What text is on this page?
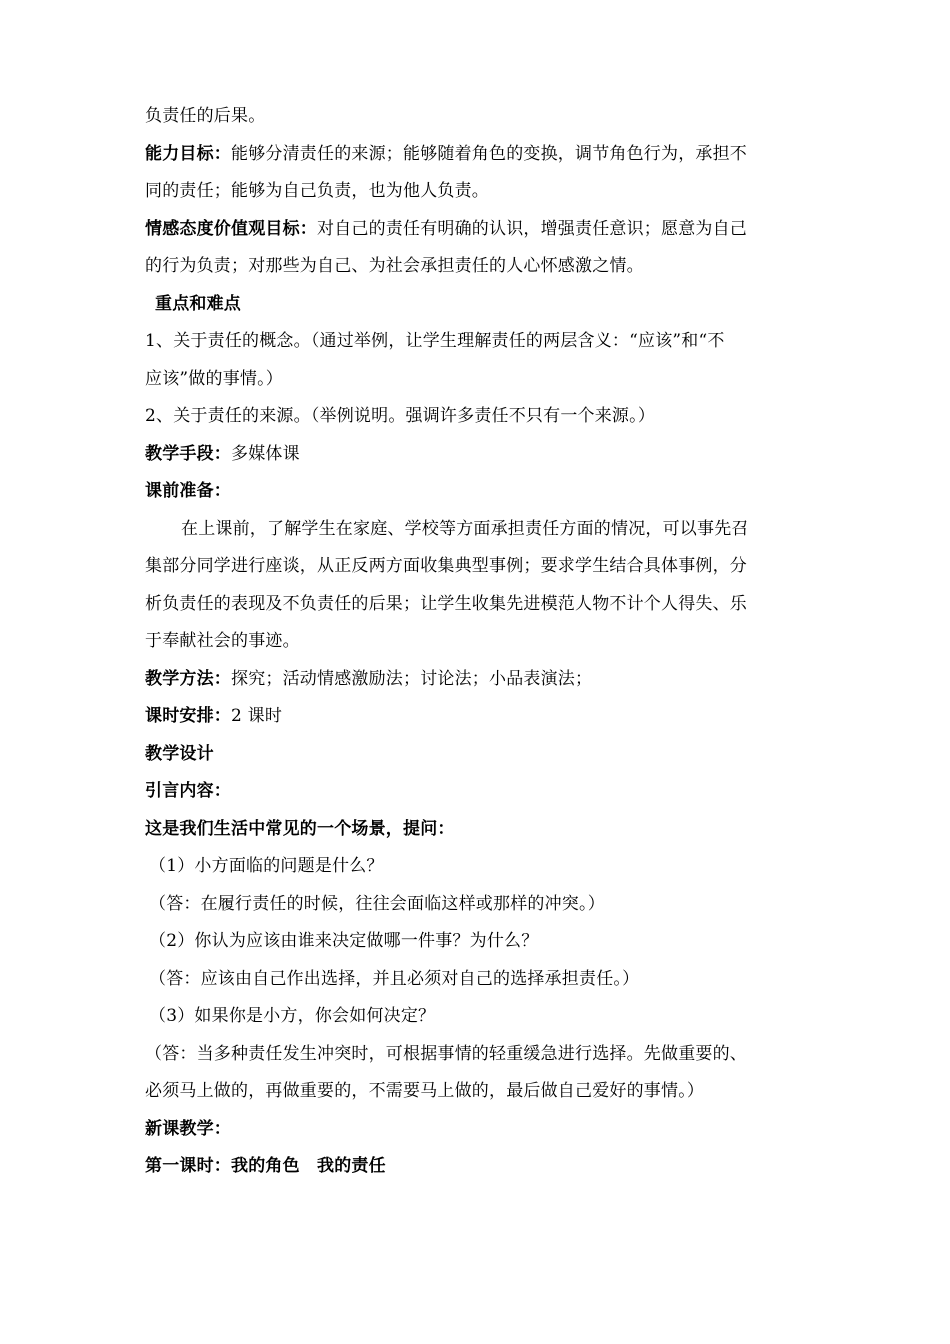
负责任的后果。
能力目标：能够分清责任的来源；能够随着角色的变换，调节角色行为，承担不
同的责任；能够为自己负责，也为他人负责。
情感态度价值观目标：对自己的责任有明确的认识，增强责任意识；愿意为自己
的行为负责；对那些为自己、为社会承担责任的人心怀感激之情。
重点和难点
1、关于责任的概念。（通过举例，让学生理解责任的两层含义：“应该”和“不
应该”做的事情。）
2、关于责任的来源。（举例说明。强调许多责任不只有一个来源。）
教学手段：多媒体课
课前准备：
在上课前，了解学生在家庭、学校等方面承担责任方面的情况，可以事先召
集部分同学进行座谈，从正反两方面收集典型事例；要求学生结合具体事例，分
析负责任的表现及不负责任的后果；让学生收集先进模范人物不计个人得失、乐
于奉献社会的事迹。
教学方法：探究；活动情感激励法；讨论法；小品表演法；
课时安排：2 课时
教学设计
引言内容：
这是我们生活中常见的一个场景，提问：
（1）小方面临的问题是什么？
（答：在履行责任的时候，往往会面临这样或那样的冲突。）
（2）你认为应该由谁来决定做哪一件事？为什么？
（答：应该由自己作出选择，并且必须对自己的选择承担责任。）
（3）如果你是小方，你会如何决定？
（答：当多种责任发生冲突时，可根据事情的轻重缓急进行选择。先做重要的、
必须马上做的，再做重要的，不需要马上做的，最后做自己爱好的事情。）
新课教学：
第一课时：我的角色　我的责任
